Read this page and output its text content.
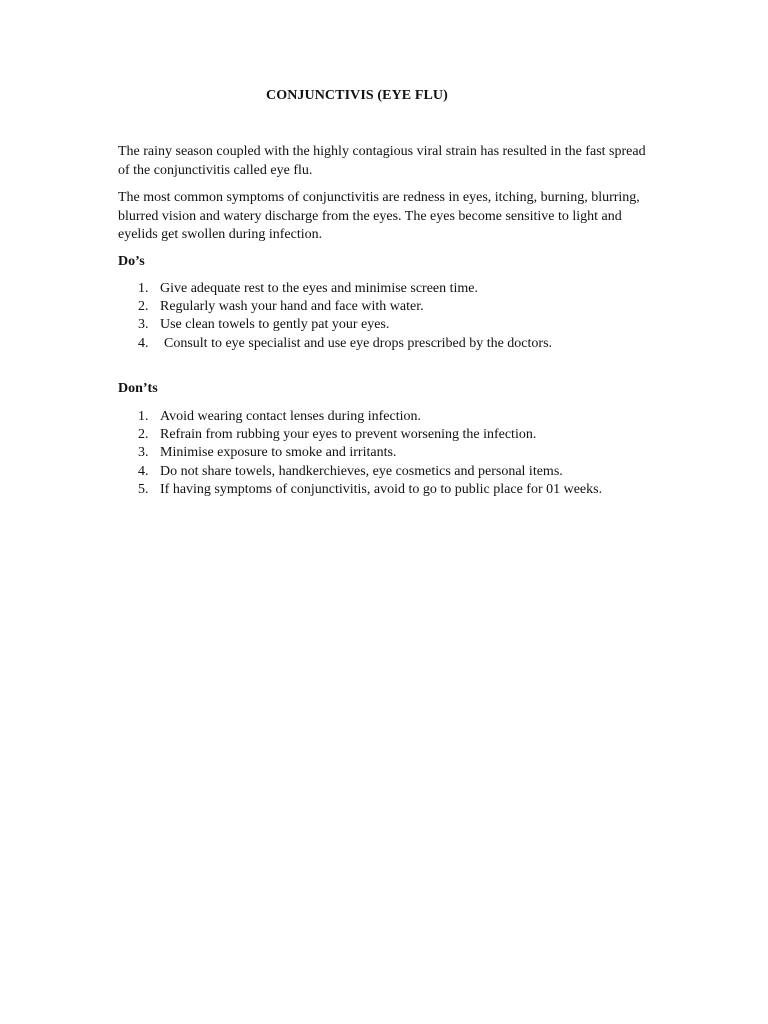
CONJUNCTIVIS (EYE FLU)

The rainy season coupled with the highly contagious viral strain has resulted in the fast spread of the conjunctivitis called eye flu.

The most common symptoms of conjunctivitis are redness in eyes, itching, burning, blurring, blurred vision and watery discharge from the eyes. The eyes become sensitive to light and eyelids get swollen during infection.

Do’s
1. Give adequate rest to the eyes and minimise screen time.
2. Regularly wash your hand and face with water.
3. Use clean towels to gently pat your eyes.
4.	Consult to eye specialist and use eye drops prescribed by the doctors.
Don’ts
1. Avoid wearing contact lenses during infection.
2. Refrain from rubbing your eyes to prevent worsening the infection.
3. Minimise exposure to smoke and irritants.
4. Do not share towels, handkerchieves, eye cosmetics and personal items.
5. If having symptoms of conjunctivitis, avoid to go to public place for 01 weeks.
